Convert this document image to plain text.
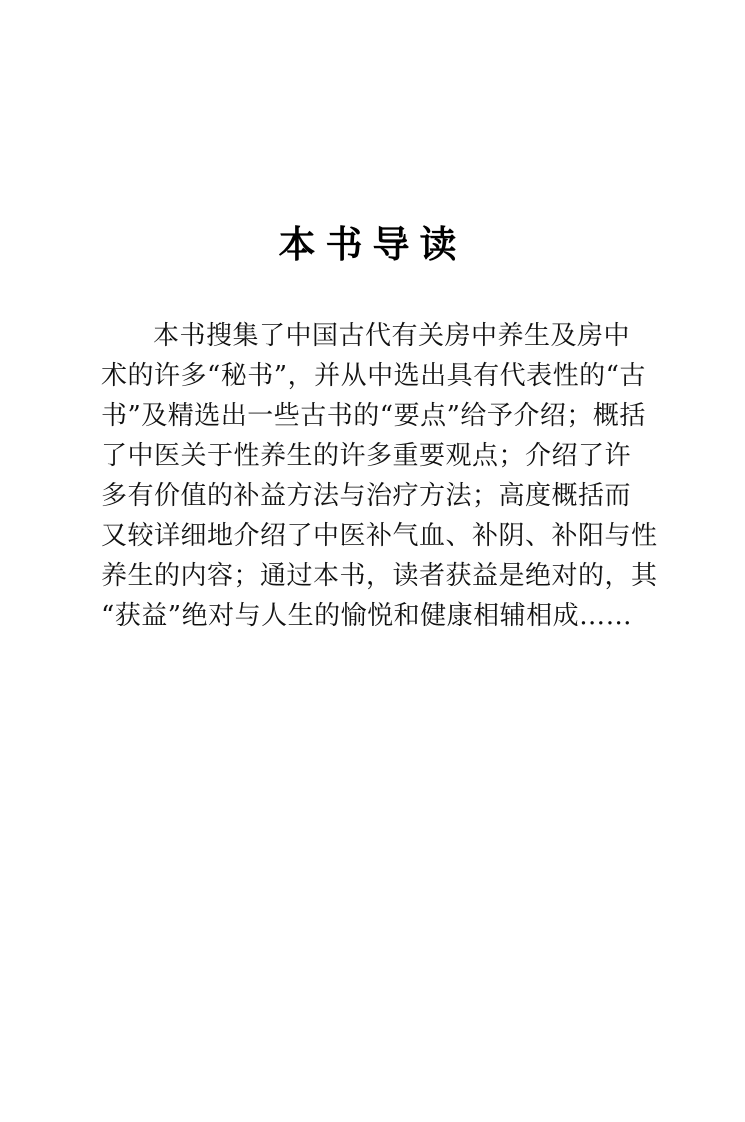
本书导读
本书搜集了中国古代有关房中养生及房中
术的许多“秘书”，并从中选出具有代表性的“古
书”及精选出一些古书的“要点”给予介绍；概括
了中医关于性养生的许多重要观点；介绍了许
多有价值的补益方法与治疗方法；高度概括而
又较详细地介绍了中医补气血、补阴、补阳与性
养生的内容；通过本书，读者获益是绝对的，其
“获益”绝对与人生的愉悦和健康相辅相成……
